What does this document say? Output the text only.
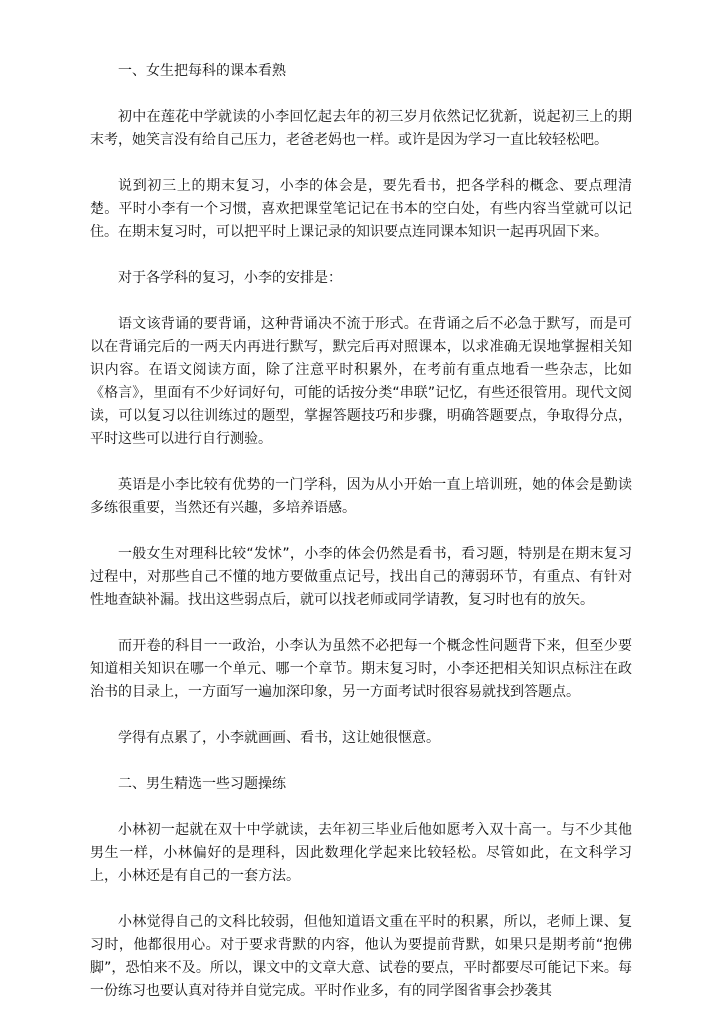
一、女生把每科的课本看熟

初中在莲花中学就读的小李回忆起去年的初三岁月依然记忆犹新，说起初三上的期末考，她笑言没有给自己压力，老爸老妈也一样。或许是因为学习一直比较轻松吧。

说到初三上的期末复习，小李的体会是，要先看书，把各学科的概念、要点理清楚。平时小李有一个习惯，喜欢把课堂笔记记在书本的空白处，有些内容当堂就可以记住。在期末复习时，可以把平时上课记录的知识要点连同课本知识一起再巩固下来。

对于各学科的复习，小李的安排是：

语文该背诵的要背诵，这种背诵决不流于形式。在背诵之后不必急于默写，而是可以在背诵完后的一两天内再进行默写，默完后再对照课本，以求准确无误地掌握相关知识内容。在语文阅读方面，除了注意平时积累外，在考前有重点地看一些杂志，比如《格言》，里面有不少好词好句，可能的话按分类“串联”记忆，有些还很管用。现代文阅读，可以复习以往训练过的题型，掌握答题技巧和步骤，明确答题要点，争取得分点，平时这些可以进行自行测验。

英语是小李比较有优势的一门学科，因为从小开始一直上培训班，她的体会是勤读多练很重要，当然还有兴趣，多培养语感。

一般女生对理科比较“发怵”，小李的体会仍然是看书，看习题，特别是在期末复习过程中，对那些自己不懂的地方要做重点记号，找出自己的薄弱环节，有重点、有针对性地查缺补漏。找出这些弱点后，就可以找老师或同学请教，复习时也有的放矢。

而开卷的科目一一政治，小李认为虽然不必把每一个概念性问题背下来，但至少要知道相关知识在哪一个单元、哪一个章节。期末复习时，小李还把相关知识点标注在政治书的目录上，一方面写一遍加深印象，另一方面考试时很容易就找到答题点。

学得有点累了，小李就画画、看书，这让她很惬意。

二、男生精选一些习题操练

小林初一起就在双十中学就读，去年初三毕业后他如愿考入双十高一。与不少其他男生一样，小林偏好的是理科，因此数理化学起来比较轻松。尽管如此，在文科学习上，小林还是有自己的一套方法。

小林觉得自己的文科比较弱，但他知道语文重在平时的积累，所以，老师上课、复习时，他都很用心。对于要求背默的内容，他认为要提前背默，如果只是期考前“抱佛脚”，恐怕来不及。所以，课文中的文章大意、试卷的要点，平时都要尽可能记下来。每一份练习也要认真对待并自觉完成。平时作业多，有的同学图省事会抄袭其
